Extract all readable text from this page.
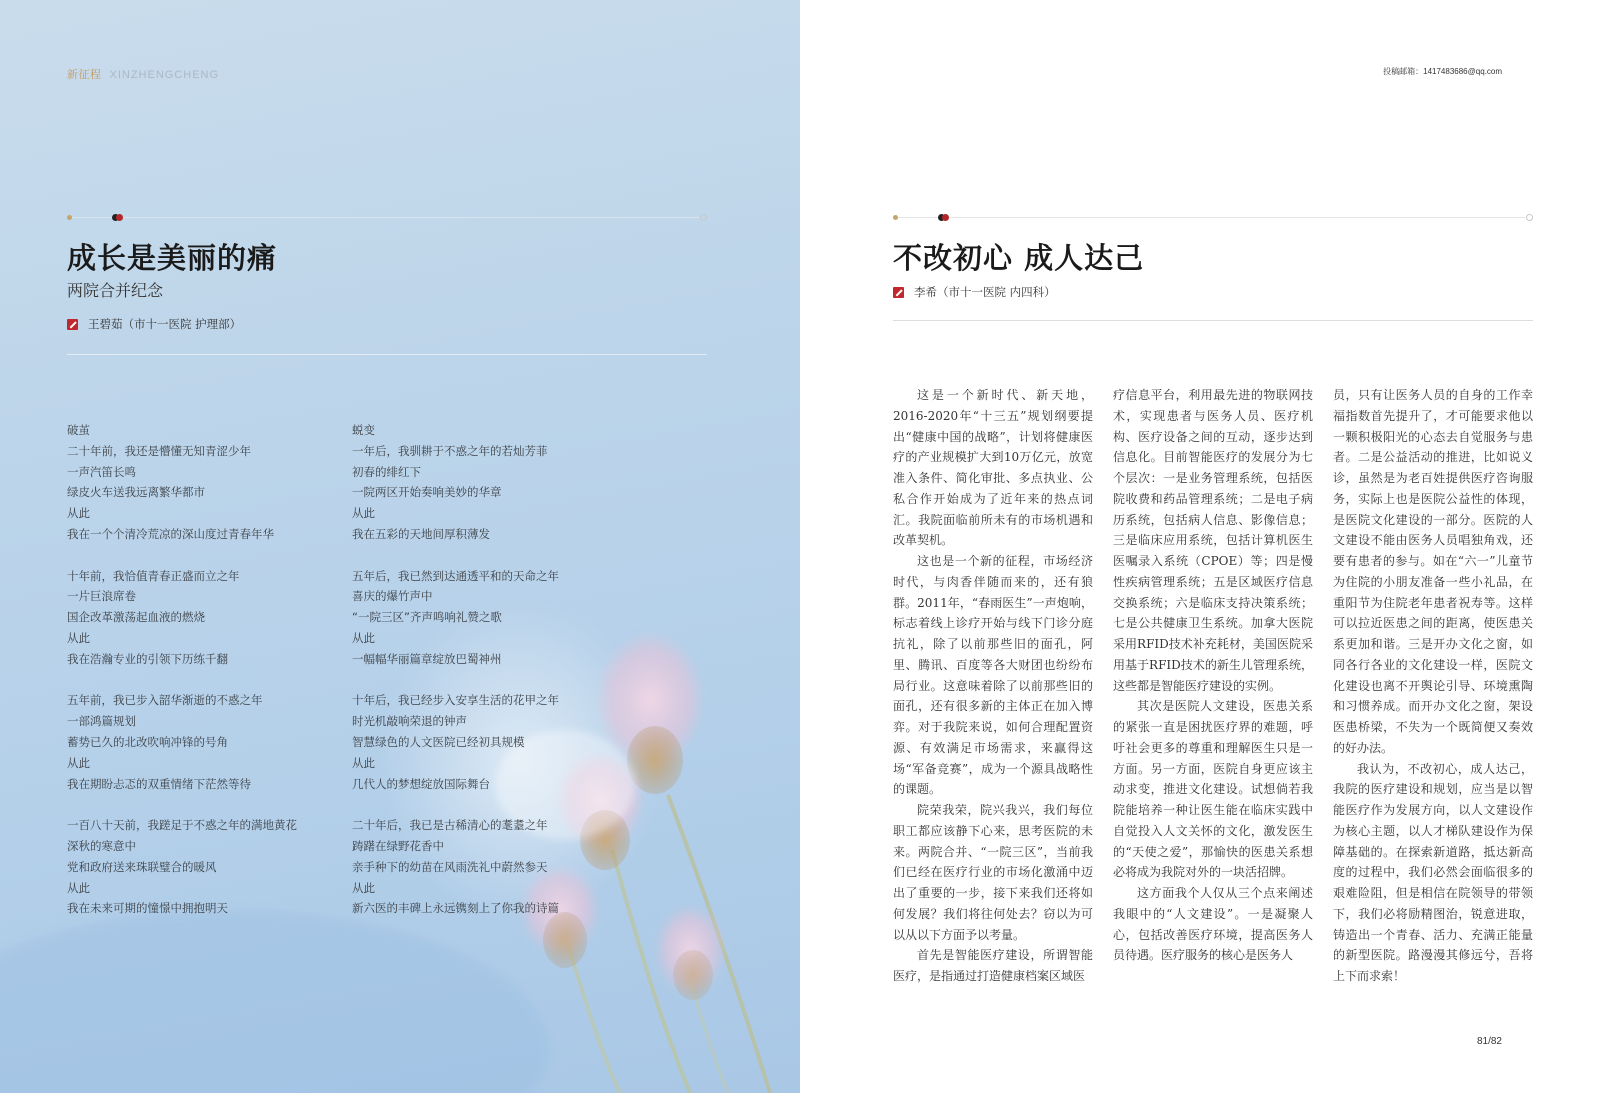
新征程 XINZHENGCHENG
成长是美丽的痛
两院合并纪念
王碧茹（市十一医院 护理部）
破茧
二十年前，我还是懵懂无知青涩少年
一声汽笛长鸣
绿皮火车送我远离繁华都市
从此
我在一个个清冷荒凉的深山度过青春年华
十年前，我恰值青春正盛而立之年
一片巨浪席卷
国企改革激荡起血液的燃烧
从此
我在浩瀚专业的引领下历练千翻
五年前，我已步入韶华渐逝的不惑之年
一部鸿篇规划
蓄势已久的北改吹响冲锋的号角
从此
我在期盼忐忑的双重情绪下茫然等待
一百八十天前，我蹉足于不惑之年的满地黄花
深秋的寒意中
党和政府送来珠联璧合的暖风
从此
我在未来可期的憧憬中拥抱明天
蜕变
一年后，我驯耕于不惑之年的若灿芳菲
初春的绯红下
一院两区开始奏响美妙的华章
从此
我在五彩的天地间厚积薄发
五年后，我已然到达通透平和的天命之年
喜庆的爆竹声中
“一院三区”齐声鸣响礼赞之歌
从此
一幅幅华丽篇章绽放巴蜀神州
十年后，我已经步入安享生活的花甲之年
时光机敲响荣退的钟声
智慧绿色的人文医院已经初具规模
从此
几代人的梦想绽放国际舞台
二十年后，我已是古稀清心的耄耋之年
踌躇在绿野花香中
亲手种下的幼苗在风雨洗礼中蔚然参天
从此
新六医的丰碑上永远镌刻上了你我的诗篇
投稿邮箱：1417483686@qq.com
不改初心 成人达己
李希（市十一医院 内四科）

这是一个新时代、新天地，2016-2020年“十三五”规划纲要提出“健康中国的战略”，计划将健康医疗的产业规模扩大到10万亿元，放宽准入条件、简化审批、多点执业、公私合作开始成为了近年来的热点词汇。我院面临前所未有的市场机遇和改革契机。

这也是一个新的征程，市场经济时代，与肉香伴随而来的，还有狼群。2011年，“春雨医生”一声炮响，标志着线上诊疗开始与线下门诊分庭抗礼，除了以前那些旧的面孔，阿里、腾讯、百度等各大财团也纷纷布局行业。这意味着除了以前那些旧的面孔，还有很多新的主体正在加入博弈。对于我院来说，如何合理配置资源、有效满足市场需求，来赢得这场“军备竞赛”，成为一个源具战略性的课题。

院荣我荣，院兴我兴，我们每位职工都应该静下心来，思考医院的未来。两院合并、“一院三区”，当前我们已经在医疗行业的市场化激涌中迈出了重要的一步，接下来我们还将如何发展？我们将往何处去？窃以为可以从以下方面予以考量。

首先是智能医疗建设，所谓智能医疗，是指通过打造健康档案区域医

疗信息平台，利用最先进的物联网技术，实现患者与医务人员、医疗机构、医疗设备之间的互动，逐步达到信息化。目前智能医疗的发展分为七个层次：一是业务管理系统，包括医院收费和药品管理系统；二是电子病历系统，包括病人信息、影像信息；三是临床应用系统，包括计算机医生医嘱录入系统（CPOE）等；四是慢性疾病管理系统；五是区域医疗信息交换系统；六是临床支持决策系统；七是公共健康卫生系统。加拿大医院采用RFID技术补充耗材，美国医院采用基于RFID技术的新生儿管理系统，这些都是智能医疗建设的实例。

其次是医院人文建设，医患关系的紧张一直是困扰医疗界的难题，呼吁社会更多的尊重和理解医生只是一方面。另一方面，医院自身更应该主动求变，推进文化建设。试想倘若我院能培养一种让医生能在临床实践中自觉投入人文关怀的文化，激发医生的“天使之爱”，那愉快的医患关系想必将成为我院对外的一块活招牌。

这方面我个人仅从三个点来阐述我眼中的“人文建设”。一是凝聚人心，包括改善医疗环境，提高医务人员待遇。医疗服务的核心是医务人

员，只有让医务人员的自身的工作幸福指数首先提升了，才可能要求他以一颗积极阳光的心态去自觉服务与患者。二是公益活动的推进，比如说义诊，虽然是为老百姓提供医疗咨询服务，实际上也是医院公益性的体现，是医院文化建设的一部分。医院的人文建设不能由医务人员唱独角戏，还要有患者的参与。如在“六一”儿童节为住院的小朋友准备一些小礼品，在重阳节为住院老年患者祝寿等。这样可以拉近医患之间的距离，使医患关系更加和谐。三是开办文化之窗，如同各行各业的文化建设一样，医院文化建设也离不开舆论引导、环境熏陶和习惯养成。而开办文化之窗，架设医患桥梁，不失为一个既简便又奏效的好办法。

我认为，不改初心，成人达己，我院的医疗建设和规划，应当是以智能医疗作为发展方向，以人文建设作为核心主题，以人才梯队建设作为保障基础的。在探索新道路，抵达新高度的过程中，我们必然会面临很多的艰难险阻，但是相信在院领导的带领下，我们必将励精图治，锐意进取，铸造出一个青春、活力、充满正能量的新型医院。路漫漫其修远兮，吾将上下而求索！

81/82
